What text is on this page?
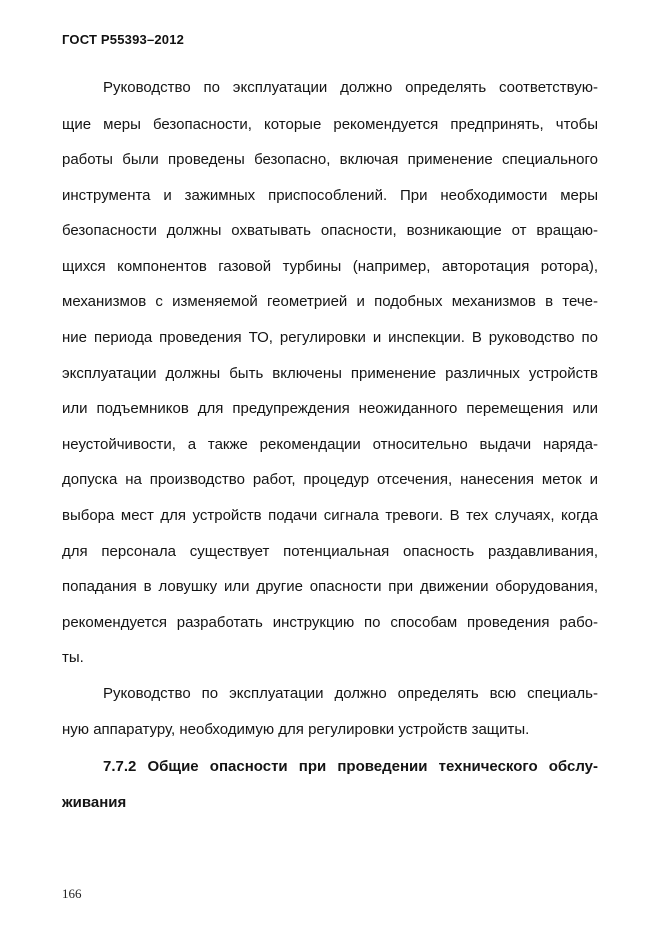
ГОСТ Р55393–2012
Руководство по эксплуатации должно определять соответствую-
щие меры безопасности, которые рекомендуется предпринять, чтобы
работы были проведены безопасно, включая применение специального
инструмента и зажимных приспособлений. При необходимости меры
безопасности должны охватывать опасности, возникающие от вращаю-
щихся компонентов газовой турбины (например, авторотация ротора),
механизмов с изменяемой геометрией и подобных механизмов в тече-
ние периода проведения ТО, регулировки и инспекции. В руководство по
эксплуатации должны быть включены применение различных устройств
или подъемников для предупреждения неожиданного перемещения или
неустойчивости, а также рекомендации относительно выдачи наряда-
допуска на производство работ, процедур отсечения, нанесения меток и
выбора мест для устройств подачи сигнала тревоги. В тех случаях, когда
для персонала существует потенциальная опасность раздавливания,
попадания в ловушку или другие опасности при движении оборудования,
рекомендуется разработать инструкцию по способам проведения рабо-
ты.
Руководство по эксплуатации должно определять всю специаль-
ную аппаратуру, необходимую для регулировки устройств защиты.
7.7.2 Общие опасности при проведении технического обслу-
живания
166
